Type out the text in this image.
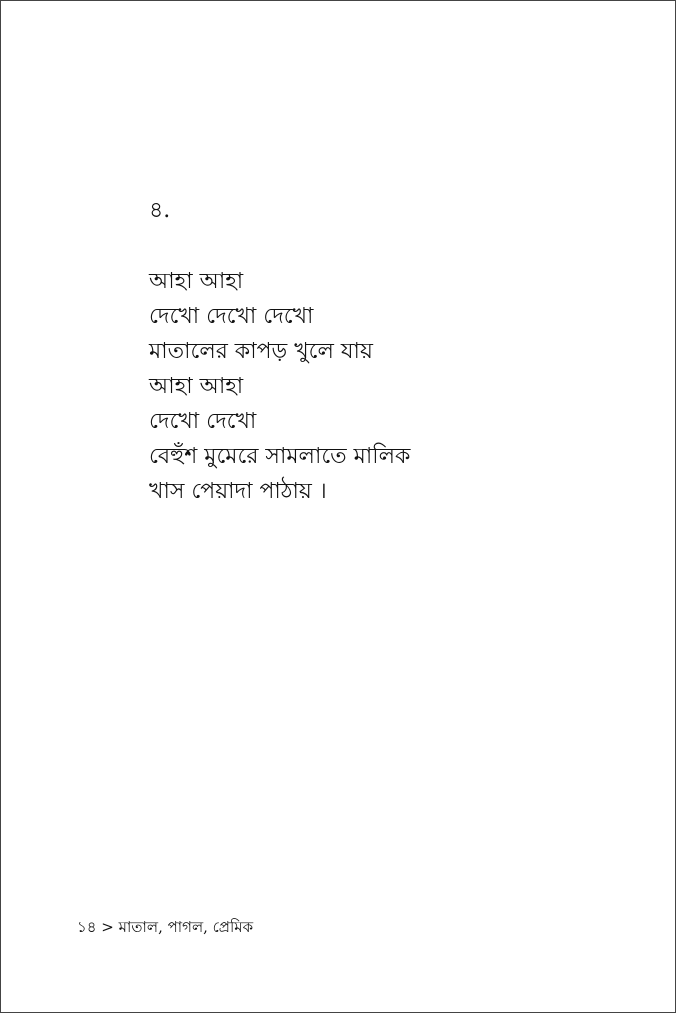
৪.
আহা আহা
দেখো দেখো দেখো
মাতালের কাপড় খুলে যায়
আহা আহা
দেখো দেখো
বেহুঁশ মুমেরে সামলাতে মালিক
খাস পেয়াদা পাঠায় ।
১৪ > মাতাল, পাগল, প্রেমিক
